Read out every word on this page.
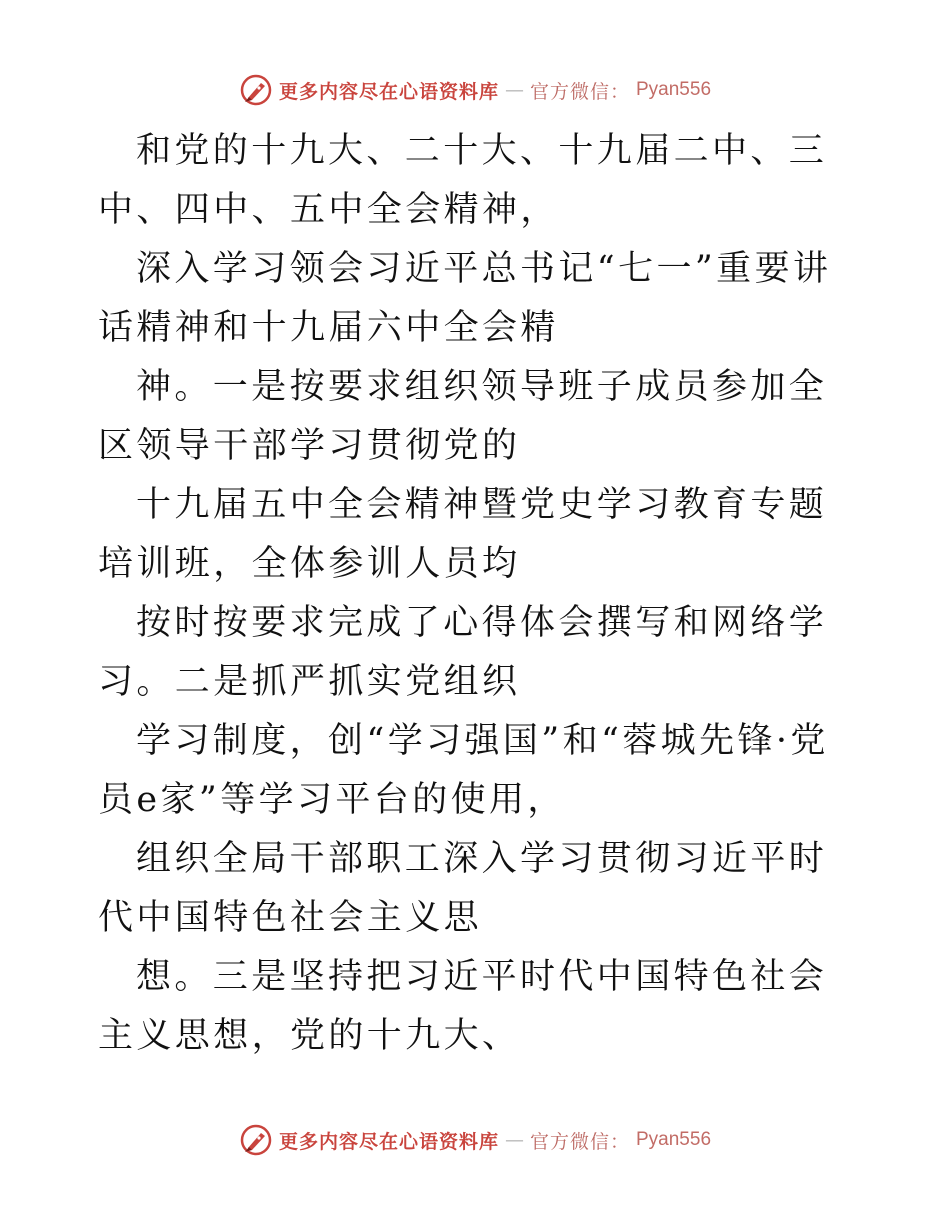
更多内容尽在心语资料库 — 官方微信： Pyan556

和党的十九大、二十大、十九届二中、三中、四中、五中全会精神，

深入学习领会习近平总书记“七一”重要讲话精神和十九届六中全会精

神。一是按要求组织领导班子成员参加全区领导干部学习贯彻党的

十九届五中全会精神暨党史学习教育专题培训班，全体参训人员均

按时按要求完成了心得体会撰写和网络学习。二是抓严抓实党组织

学习制度，创“学习强国”和“蓉城先锋·党员e家”等学习平台的使用，

组织全局干部职工深入学习贯彻习近平时代中国特色社会主义思

想。三是坚持把习近平时代中国特色社会主义思想，党的十九大、

更多内容尽在心语资料库 — 官方微信： Pyan556
